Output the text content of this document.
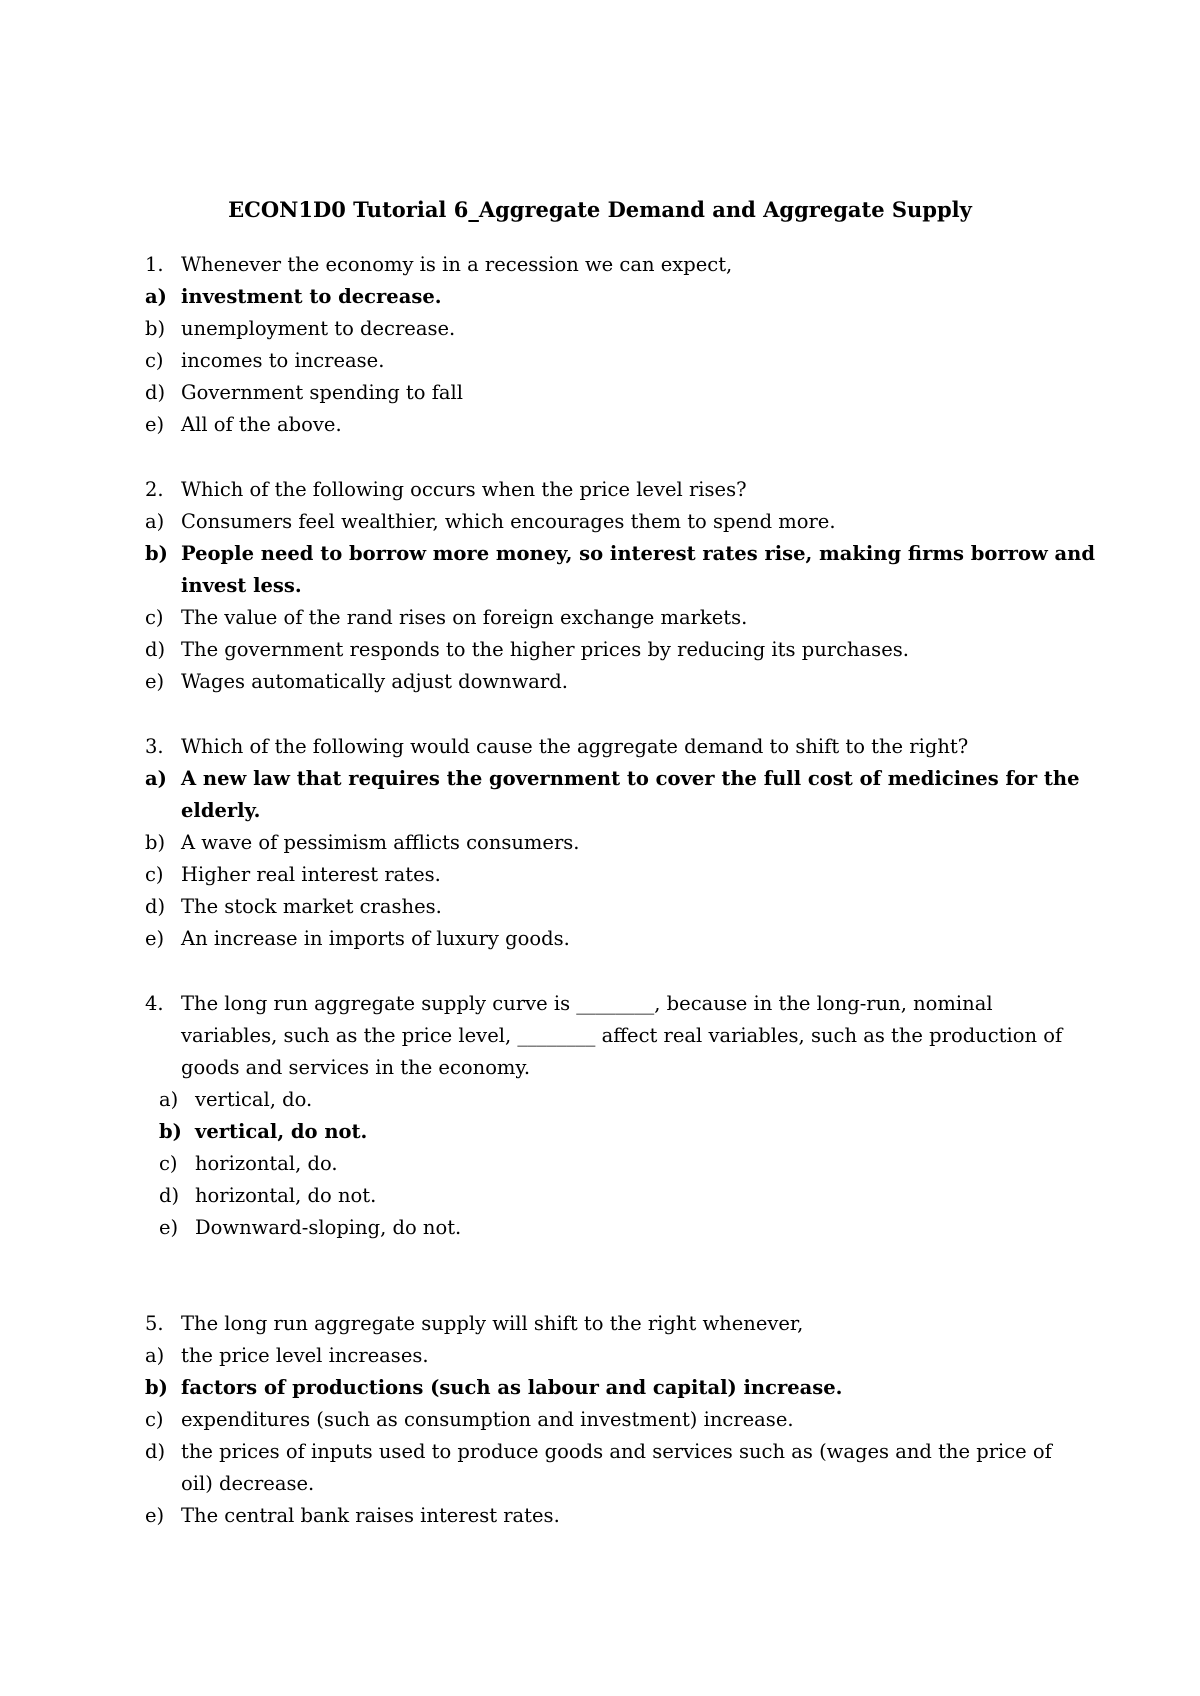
ECON1D0 Tutorial 6_Aggregate Demand and Aggregate Supply
1. Whenever the economy is in a recession we can expect,
a) investment to decrease.
b) unemployment to decrease.
c) incomes to increase.
d) Government spending to fall
e) All of the above.
2. Which of the following occurs when the price level rises?
a) Consumers feel wealthier, which encourages them to spend more.
b) People need to borrow more money, so interest rates rise, making firms borrow and
invest less.
c) The value of the rand rises on foreign exchange markets.
d) The government responds to the higher prices by reducing its purchases.
e) Wages automatically adjust downward.
3. Which of the following would cause the aggregate demand to shift to the right?
a) A new law that requires the government to cover the full cost of medicines for the
elderly.
b) A wave of pessimism afflicts consumers.
c) Higher real interest rates.
d) The stock market crashes.
e) An increase in imports of luxury goods.
4. The long run aggregate supply curve is ________, because in the long-run, nominal
variables, such as the price level, ________ affect real variables, such as the production of
goods and services in the economy.
a) vertical, do.
b) vertical, do not.
c) horizontal, do.
d) horizontal, do not.
e) Downward-sloping, do not.
5. The long run aggregate supply will shift to the right whenever,
a) the price level increases.
b) factors of productions (such as labour and capital) increase.
c) expenditures (such as consumption and investment) increase.
d) the prices of inputs used to produce goods and services such as (wages and the price of
oil) decrease.
e) The central bank raises interest rates.
